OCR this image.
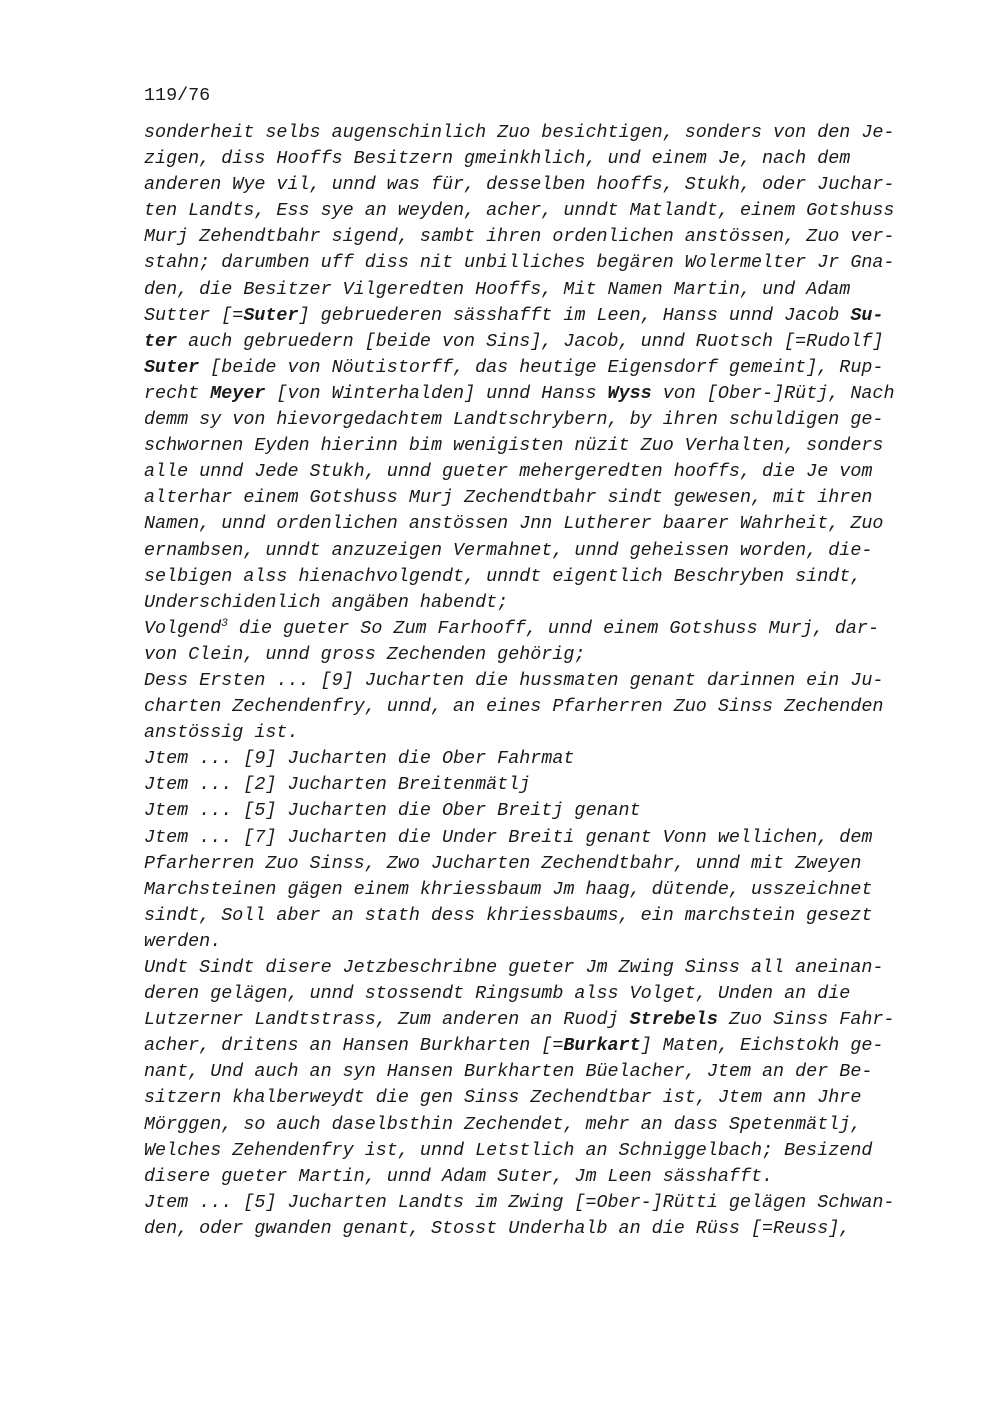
119/76
sonderheit selbs augenschinlich Zuo besichtigen, sonders von den Je-
zigen, diss Hooffs Besitzern gmeinkhlich, und einem Je, nach dem
anderen Wye vil, unnd was für, desselben hooffs, Stukh, oder Juchar-
ten Landts, Ess sye an weyden, acher, unndt Matlandt, einem Gotshuss
Murj Zehendtbahr sigend, sambt ihren ordenlichen anstössen, Zuo ver-
stahn; darumben uff diss nit unbilliches begären Wolermelter Jr Gna-
den, die Besitzer Vilgeredten Hooffs, Mit Namen Martin, und Adam
Sutter [=Suter] gebruederen sässhafft im Leen, Hanss unnd Jacob Su-
ter auch gebruedern [beide von Sins], Jacob, unnd Ruotsch [=Rudolf]
Suter [beide von Nöutistorff, das heutige Eigensdorf gemeint], Rup-
recht Meyer [von Winterhalden] unnd Hanss Wyss von [Ober-]Rütj, Nach
demm sy von hievorgedachtem Landtschrybern, by ihren schuldigen ge-
schwornen Eyden hierinn bim wenigisten nüzit Zuo Verhalten, sonders
alle unnd Jede Stukh, unnd gueter mehergeredten hooffs, die Je vom
alterhar einem Gotshuss Murj Zechendtbahr sindt gewesen, mit ihren
Namen, unnd ordenlichen anstössen Jnn Lutherer baarer Wahrheit, Zuo
ernambsen, unndt anzuzeigen Vermahnet, unnd geheissen worden, die-
selbigen alss hienachvolgendt, unndt eigentlich Beschryben sindt,
Underschidenlich angäben habendt;
Volgend$^3$ die gueter So Zum Farhooff, unnd einem Gotshuss Murj, dar-
von Clein, unnd gross Zechenden gehörig;
Dess Ersten ... [9] Jucharten die hussmaten genant darinnen ein Ju-
charten Zechendenfry, unnd, an eines Pfarherren Zuo Sinss Zechenden
anstössig ist.
Jtem ... [9] Jucharten die Ober Fahrmat
Jtem ... [2] Jucharten Breitenmätlj
Jtem ... [5] Jucharten die Ober Breitj genant
Jtem ... [7] Jucharten die Under Breiti genant Vonn wellichen, dem
Pfarherren Zuo Sinss, Zwo Jucharten Zechendtbahr, unnd mit Zweyen
Marchsteinen gägen einem khriessbaum Jm haag, dütende, usszeichnet
sindt, Soll aber an stath dess khriessbaums, ein marchstein gesezt
werden.
Undt Sindt disere Jetzbeschribne gueter Jm Zwing Sinss all aneinan-
deren gelägen, unnd stossendt Ringsumb alss Volget, Unden an die
Lutzerner Landtstrass, Zum anderen an Ruodj Strebels Zuo Sinss Fahr-
acher, dritens an Hansen Burkharten [=Burkart] Maten, Eichstokh ge-
nant, Und auch an syn Hansen Burkharten Büelacher, Jtem an der Be-
sitzern khalberweydt die gen Sinss Zechendtbar ist, Jtem ann Jhre
Mörggen, so auch daselbsthin Zechendet, mehr an dass Spetenmätlj,
Welches Zehendenfry ist, unnd Letstlich an Schniggelbach; Besizend
disere gueter Martin, unnd Adam Suter, Jm Leen sässhafft.
Jtem ... [5] Jucharten Landts im Zwing [=Ober-]Rütti gelägen Schwan-
den, oder gwanden genant, Stosst Underhalb an die Rüss [=Reuss],
